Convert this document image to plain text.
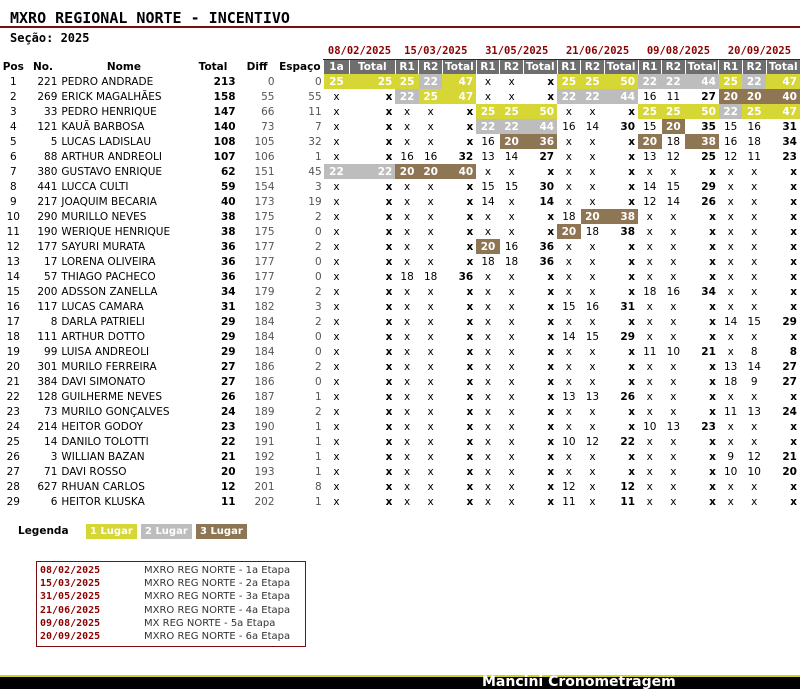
MXRO REGIONAL NORTE - INCENTIVO
Seção: 2025
						08/02/2025		15/03/2025			31/05/2025			21/06/2025			09/08/2025			20/09/2025		
Pos	No.	Nome	Total	Diff	Espaço	1a	Total	R1	R2	Total	R1	R2	Total	R1	R2	Total	R1	R2	Total	R1	R2	Total
1	221	PEDRO ANDRADE	213	0	0	25	25	25	22	47	x	x	x	25	25	50	22	22	44	25	22	47
2	269	ERICK MAGALHÃES	158	55	55	x	x	22	25	47	x	x	x	22	22	44	16	11	27	20	20	40
3	33	PEDRO HENRIQUE	147	66	11	x	x	x	x	x	25	25	50	x	x	x	25	25	50	22	25	47
4	121	KAUÃ BARBOSA	140	73	7	x	x	x	x	x	22	22	44	16	14	30	15	20	35	15	16	31
5	5	LUCAS LADISLAU	108	105	32	x	x	x	x	x	16	20	36	x	x	x	20	18	38	16	18	34
6	88	ARTHUR ANDREOLI	107	106	1	x	x	16	16	32	13	14	27	x	x	x	13	12	25	12	11	23
7	380	GUSTAVO ENRIQUE	62	151	45	22	22	20	20	40	x	x	x	x	x	x	x	x	x	x	x	x
8	441	LUCCA CULTI	59	154	3	x	x	x	x	x	15	15	30	x	x	x	14	15	29	x	x	x
9	217	JOAQUIM BECARIA	40	173	19	x	x	x	x	x	14	x	14	x	x	x	12	14	26	x	x	x
10	290	MURILLO NEVES	38	175	2	x	x	x	x	x	x	x	x	18	20	38	x	x	x	x	x	x
11	190	WERIQUE HENRIQUE	38	175	0	x	x	x	x	x	x	x	x	20	18	38	x	x	x	x	x	x
12	177	SAYURI MURATA	36	177	2	x	x	x	x	x	20	16	36	x	x	x	x	x	x	x	x	x
13	17	LORENA OLIVEIRA	36	177	0	x	x	x	x	x	18	18	36	x	x	x	x	x	x	x	x	x
14	57	THIAGO PACHECO	36	177	0	x	x	18	18	36	x	x	x	x	x	x	x	x	x	x	x	x
15	200	ADSSON ZANELLA	34	179	2	x	x	x	x	x	x	x	x	x	x	x	18	16	34	x	x	x
16	117	LUCAS CAMARA	31	182	3	x	x	x	x	x	x	x	x	15	16	31	x	x	x	x	x	x
17	8	DARLA PATRIELI	29	184	2	x	x	x	x	x	x	x	x	x	x	x	x	x	x	14	15	29
18	111	ARTHUR DOTTO	29	184	0	x	x	x	x	x	x	x	x	14	15	29	x	x	x	x	x	x
19	99	LUISA ANDREOLI	29	184	0	x	x	x	x	x	x	x	x	x	x	x	11	10	21	x	8	8
20	301	MURILO FERREIRA	27	186	2	x	x	x	x	x	x	x	x	x	x	x	x	x	x	13	14	27
21	384	DAVI SIMONATO	27	186	0	x	x	x	x	x	x	x	x	x	x	x	x	x	x	18	9	27
22	128	GUILHERME NEVES	26	187	1	x	x	x	x	x	x	x	x	13	13	26	x	x	x	x	x	x
23	73	MURILO GONÇALVES	24	189	2	x	x	x	x	x	x	x	x	x	x	x	x	x	x	11	13	24
24	214	HEITOR GODOY	23	190	1	x	x	x	x	x	x	x	x	x	x	x	10	13	23	x	x	x
25	14	DANILO TOLOTTI	22	191	1	x	x	x	x	x	x	x	x	10	12	22	x	x	x	x	x	x
26	3	WILLIAN BAZAN	21	192	1	x	x	x	x	x	x	x	x	x	x	x	x	x	x	9	12	21
27	71	DAVI ROSSO	20	193	1	x	x	x	x	x	x	x	x	x	x	x	x	x	x	10	10	20
28	627	RHUAN CARLOS	12	201	8	x	x	x	x	x	x	x	x	12	x	12	x	x	x	x	x	x
29	6	HEITOR KLUSKA	11	202	1	x	x	x	x	x	x	x	x	11	x	11	x	x	x	x	x	x
Legenda	1 Lugar	2 Lugar	3 Lugar
08/02/2025	MXRO REG NORTE - 1a Etapa
15/03/2025	MXRO REG NORTE - 2a Etapa
31/05/2025	MXRO REG NORTE - 3a Etapa
21/06/2025	MXRO REG NORTE - 4a Etapa
09/08/2025	MX REG NORTE - 5a Etapa
20/09/2025	MXRO REG NORTE - 6a Etapa
Mancini Cronometragem
